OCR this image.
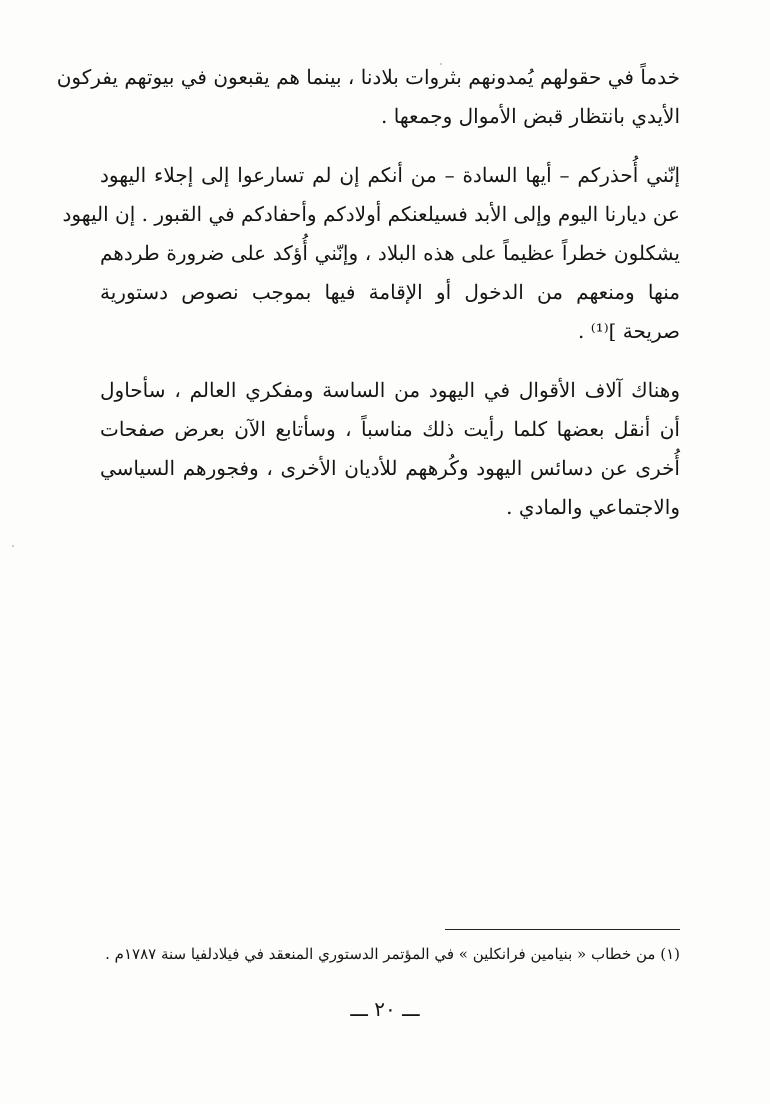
خدماً في حقولهم يُمدونهم بثروات بلادنا ، بينما هم يقبعون في بيوتهم يفركون
الأيدي بانتظار قبض الأموال وجمعها .
إنّني أُحذركم – أيها السادة – من أنكم إن لم تسارعوا إلى إجلاء اليهود
عن ديارنا اليوم وإلى الأبد فسيلعنكم أولادكم وأحفادكم في القبور . إن اليهود
يشكلون خطراً عظيماً على هذه البلاد ، وإنّني أُؤكد على ضرورة طردهم
منها ومنعهم من الدخول أو الإقامة فيها بموجب نصوص دستورية
صريحة ]⁽¹⁾ .
وهناك آلاف الأقوال في اليهود من الساسة ومفكري العالم ، سأحاول
أن أنقل بعضها كلما رأيت ذلك مناسباً ، وسأتابع الآن بعرض صفحات
أُخرى عن دسائس اليهود وكُرههم للأديان الأخرى ، وفجورهم السياسي
والاجتماعي والمادي .
(١) من خطاب « بنيامين فرانكلين » في المؤتمر الدستوري المنعقد في فيلادلفيا سنة ١٧٨٧م .
ـــ ٢٠ ـــ
